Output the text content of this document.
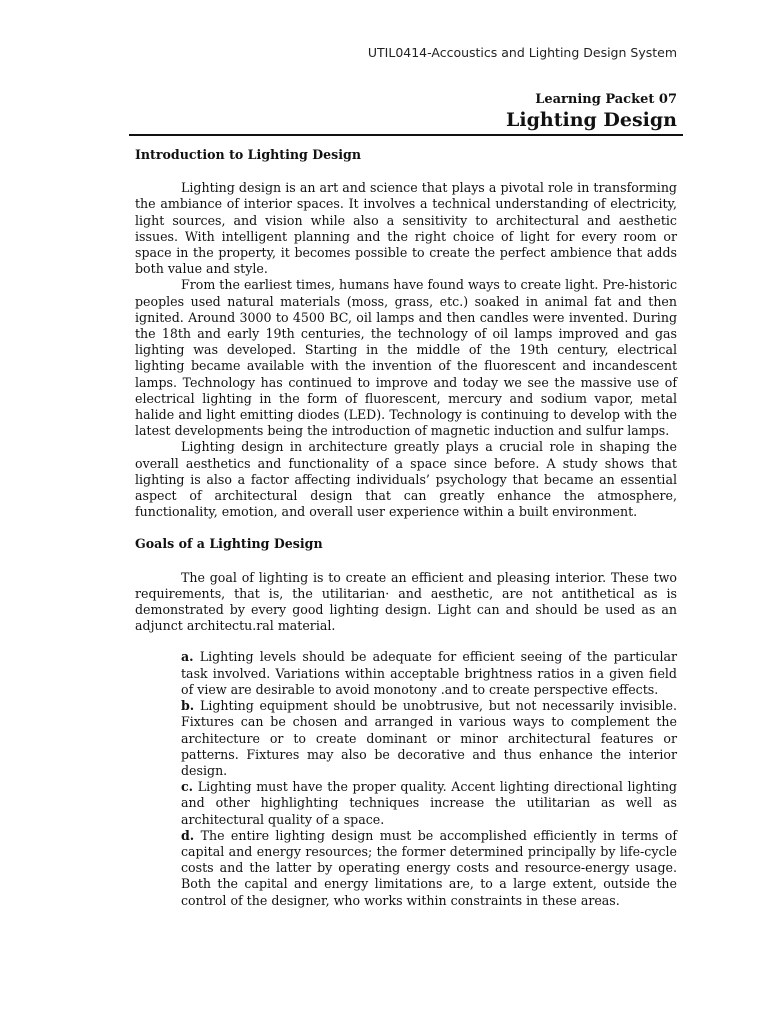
UTIL0414-Accoustics and Lighting Design System
Learning Packet 07
Lighting Design

Introduction to Lighting Design

Lighting design is an art and science that plays a pivotal role in transforming the ambiance of interior spaces. It involves a technical understanding of electricity, light sources, and vision while also a sensitivity to architectural and aesthetic issues. With intelligent planning and the right choice of light for every room or space in the property, it becomes possible to create the perfect ambience that adds both value and style.

From the earliest times, humans have found ways to create light. Pre-historic peoples used natural materials (moss, grass, etc.) soaked in animal fat and then ignited. Around 3000 to 4500 BC, oil lamps and then candles were invented. During the 18th and early 19th centuries, the technology of oil lamps improved and gas lighting was developed. Starting in the middle of the 19th century, electrical lighting became available with the invention of the fluorescent and incandescent lamps. Technology has continued to improve and today we see the massive use of electrical lighting in the form of fluorescent, mercury and sodium vapor, metal halide and light emitting diodes (LED). Technology is continuing to develop with the latest developments being the introduction of magnetic induction and sulfur lamps.

Lighting design in architecture greatly plays a crucial role in shaping the overall aesthetics and functionality of a space since before. A study shows that lighting is also a factor affecting individuals’ psychology that became an essential aspect of architectural design that can greatly enhance the atmosphere, functionality, emotion, and overall user experience within a built environment.

Goals of a Lighting Design

The goal of lighting is to create an efficient and pleasing interior. These two requirements, that is, the utilitarian· and aesthetic, are not antithetical as is demonstrated by every good lighting design. Light can and should be used as an adjunct architectu.ral material.

a. Lighting levels should be adequate for efficient seeing of the particular task involved. Variations within acceptable brightness ratios in a given field of view are desirable to avoid monotony .and to create perspective effects.

b. Lighting equipment should be unobtrusive, but not necessarily invisible. Fixtures can be chosen and arranged in various ways to complement the architecture or to create dominant or minor architectural features or patterns. Fixtures may also be decorative and thus enhance the interior design.

c. Lighting must have the proper quality. Accent lighting directional lighting and other highlighting techniques increase the utilitarian as well as architectural quality of a space.

d. The entire lighting design must be accomplished efficiently in terms of capital and energy resources; the former determined principally by life-cycle costs and the latter by operating energy costs and resource-energy usage. Both the capital and energy limitations are, to a large extent, outside the control of the designer, who works within constraints in these areas.
